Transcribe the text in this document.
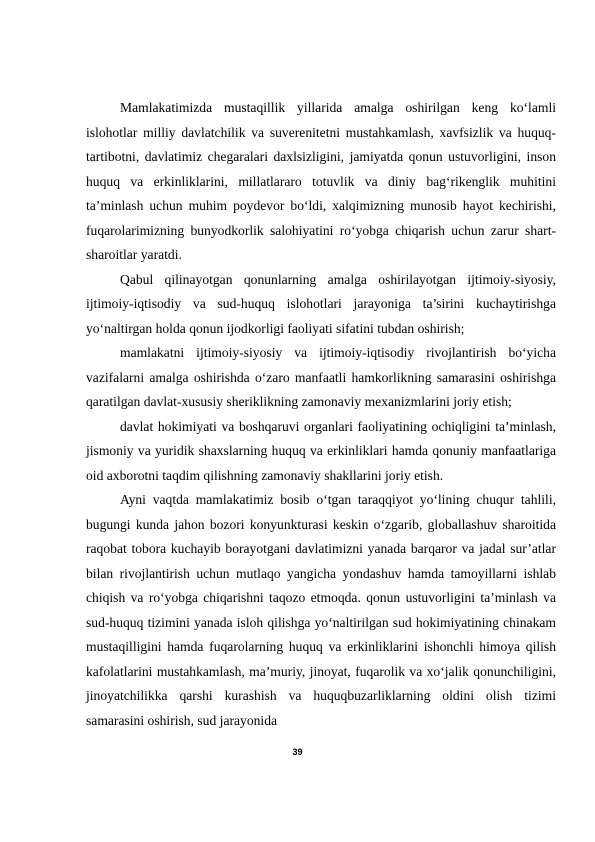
Mamlakatimizda mustaqillik yillarida amalga oshirilgan keng ko‘lamli islohotlar milliy davlatchilik va suverenitetni mustahkamlash, xavfsizlik va huquq-tartibotni, davlatimiz chegaralari daxlsizligini, jamiyatda qonun ustuvorligini, inson huquq va erkinliklarini, millatlararo totuvlik va diniy bag‘rikenglik muhitini ta’minlash uchun muhim poydevor bo‘ldi, xalqimizning munosib hayot kechirishi, fuqarolarimizning bunyodkorlik salohiyatini ro‘yobga chiqarish uchun zarur shart-sharoitlar yaratdi.

Qabul qilinayotgan qonunlarning amalga oshirilayotgan ijtimoiy-siyosiy, ijtimoiy-iqtisodiy va sud-huquq islohotlari jarayoniga ta’sirini kuchaytirishga yo‘naltirgan holda qonun ijodkorligi faoliyati sifatini tubdan oshirish;

mamlakatni ijtimoiy-siyosiy va ijtimoiy-iqtisodiy rivojlantirish bo‘yicha vazifalarni amalga oshirishda o‘zaro manfaatli hamkorlikning samarasini oshirishga qaratilgan davlat-xususiy sheriklikning zamonaviy mexanizmlarini joriy etish;

davlat hokimiyati va boshqaruvi organlari faoliyatining ochiqligini ta’minlash, jismoniy va yuridik shaxslarning huquq va erkinliklari hamda qonuniy manfaatlariga oid axborotni taqdim qilishning zamonaviy shakllarini joriy etish.

Ayni vaqtda mamlakatimiz bosib o‘tgan taraqqiyot yo‘lining chuqur tahlili, bugungi kunda jahon bozori konyunkturasi keskin o‘zgarib, globallashuv sharoitida raqobat tobora kuchayib borayotgani davlatimizni yanada barqaror va jadal sur’atlar bilan rivojlantirish uchun mutlaqo yangicha yondashuv hamda tamoyillarni ishlab chiqish va ro‘yobga chiqarishni taqozo etmoqda. qonun ustuvorligini ta’minlash va sud-huquq tizimini yanada isloh qilishga yo‘naltirilgan sud hokimiyatining chinakam mustaqilligini hamda fuqarolarning huquq va erkinliklarini ishonchli himoya qilish kafolatlarini mustahkamlash, ma’muriy, jinoyat, fuqarolik va xo‘jalik qonunchiligini, jinoyatchilikka qarshi kurashish va huquqbuzarliklarning oldini olish tizimi samarasini oshirish, sud jarayonida

39
